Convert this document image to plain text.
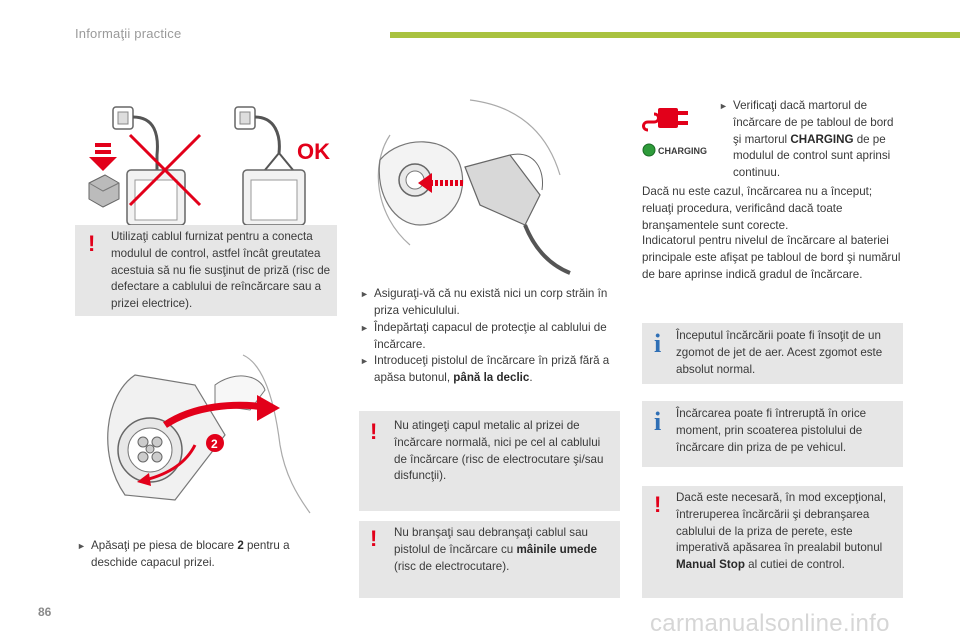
Informaţii practice
OK
! Utilizaţi cablul furnizat pentru a conecta modulul de control, astfel încât greutatea acestuia să nu fie susţinut de priză (risc de defectare a cablului de reîncărcare sau a prizei electrice).
2
► Apăsaţi pe piesa de blocare 2 pentru a deschide capacul prizei.
► Asiguraţi-vă că nu există nici un corp străin în priza vehiculului.
► Îndepărtaţi capacul de protecţie al cablului de încărcare.
► Introduceţi pistolul de încărcare în priză fără a apăsa butonul, până la declic.
! Nu atingeţi capul metalic al prizei de încărcare normală, nici pe cel al cablului de încărcare (risc de electrocutare şi/sau disfuncţii).
! Nu branşaţi sau debranşaţi cablul sau pistolul de încărcare cu mâinile umede (risc de electrocutare).
CHARGING
► Verificaţi dacă martorul de încărcare de pe tabloul de bord şi martorul CHARGING de pe modulul de control sunt aprinsi continuu.
Dacă nu este cazul, încărcarea nu a început; reluaţi procedura, verificând dacă toate branşamentele sunt corecte.
Indicatorul pentru nivelul de încărcare al bateriei principale este afişat pe tabloul de bord şi numărul de bare aprinse indică gradul de încărcare.
i Începutul încărcării poate fi însoţit de un zgomot de jet de aer. Acest zgomot este absolut normal.
i Încărcarea poate fi întreruptă în orice moment, prin scoaterea pistolului de încărcare din priza de pe vehicul.
! Dacă este necesară, în mod excepţional, întreruperea încărcării şi debranşarea cablului de la priza de perete, este imperativă apăsarea în prealabil butonul Manual Stop al cutiei de control.
86	carmanualsonline.info
